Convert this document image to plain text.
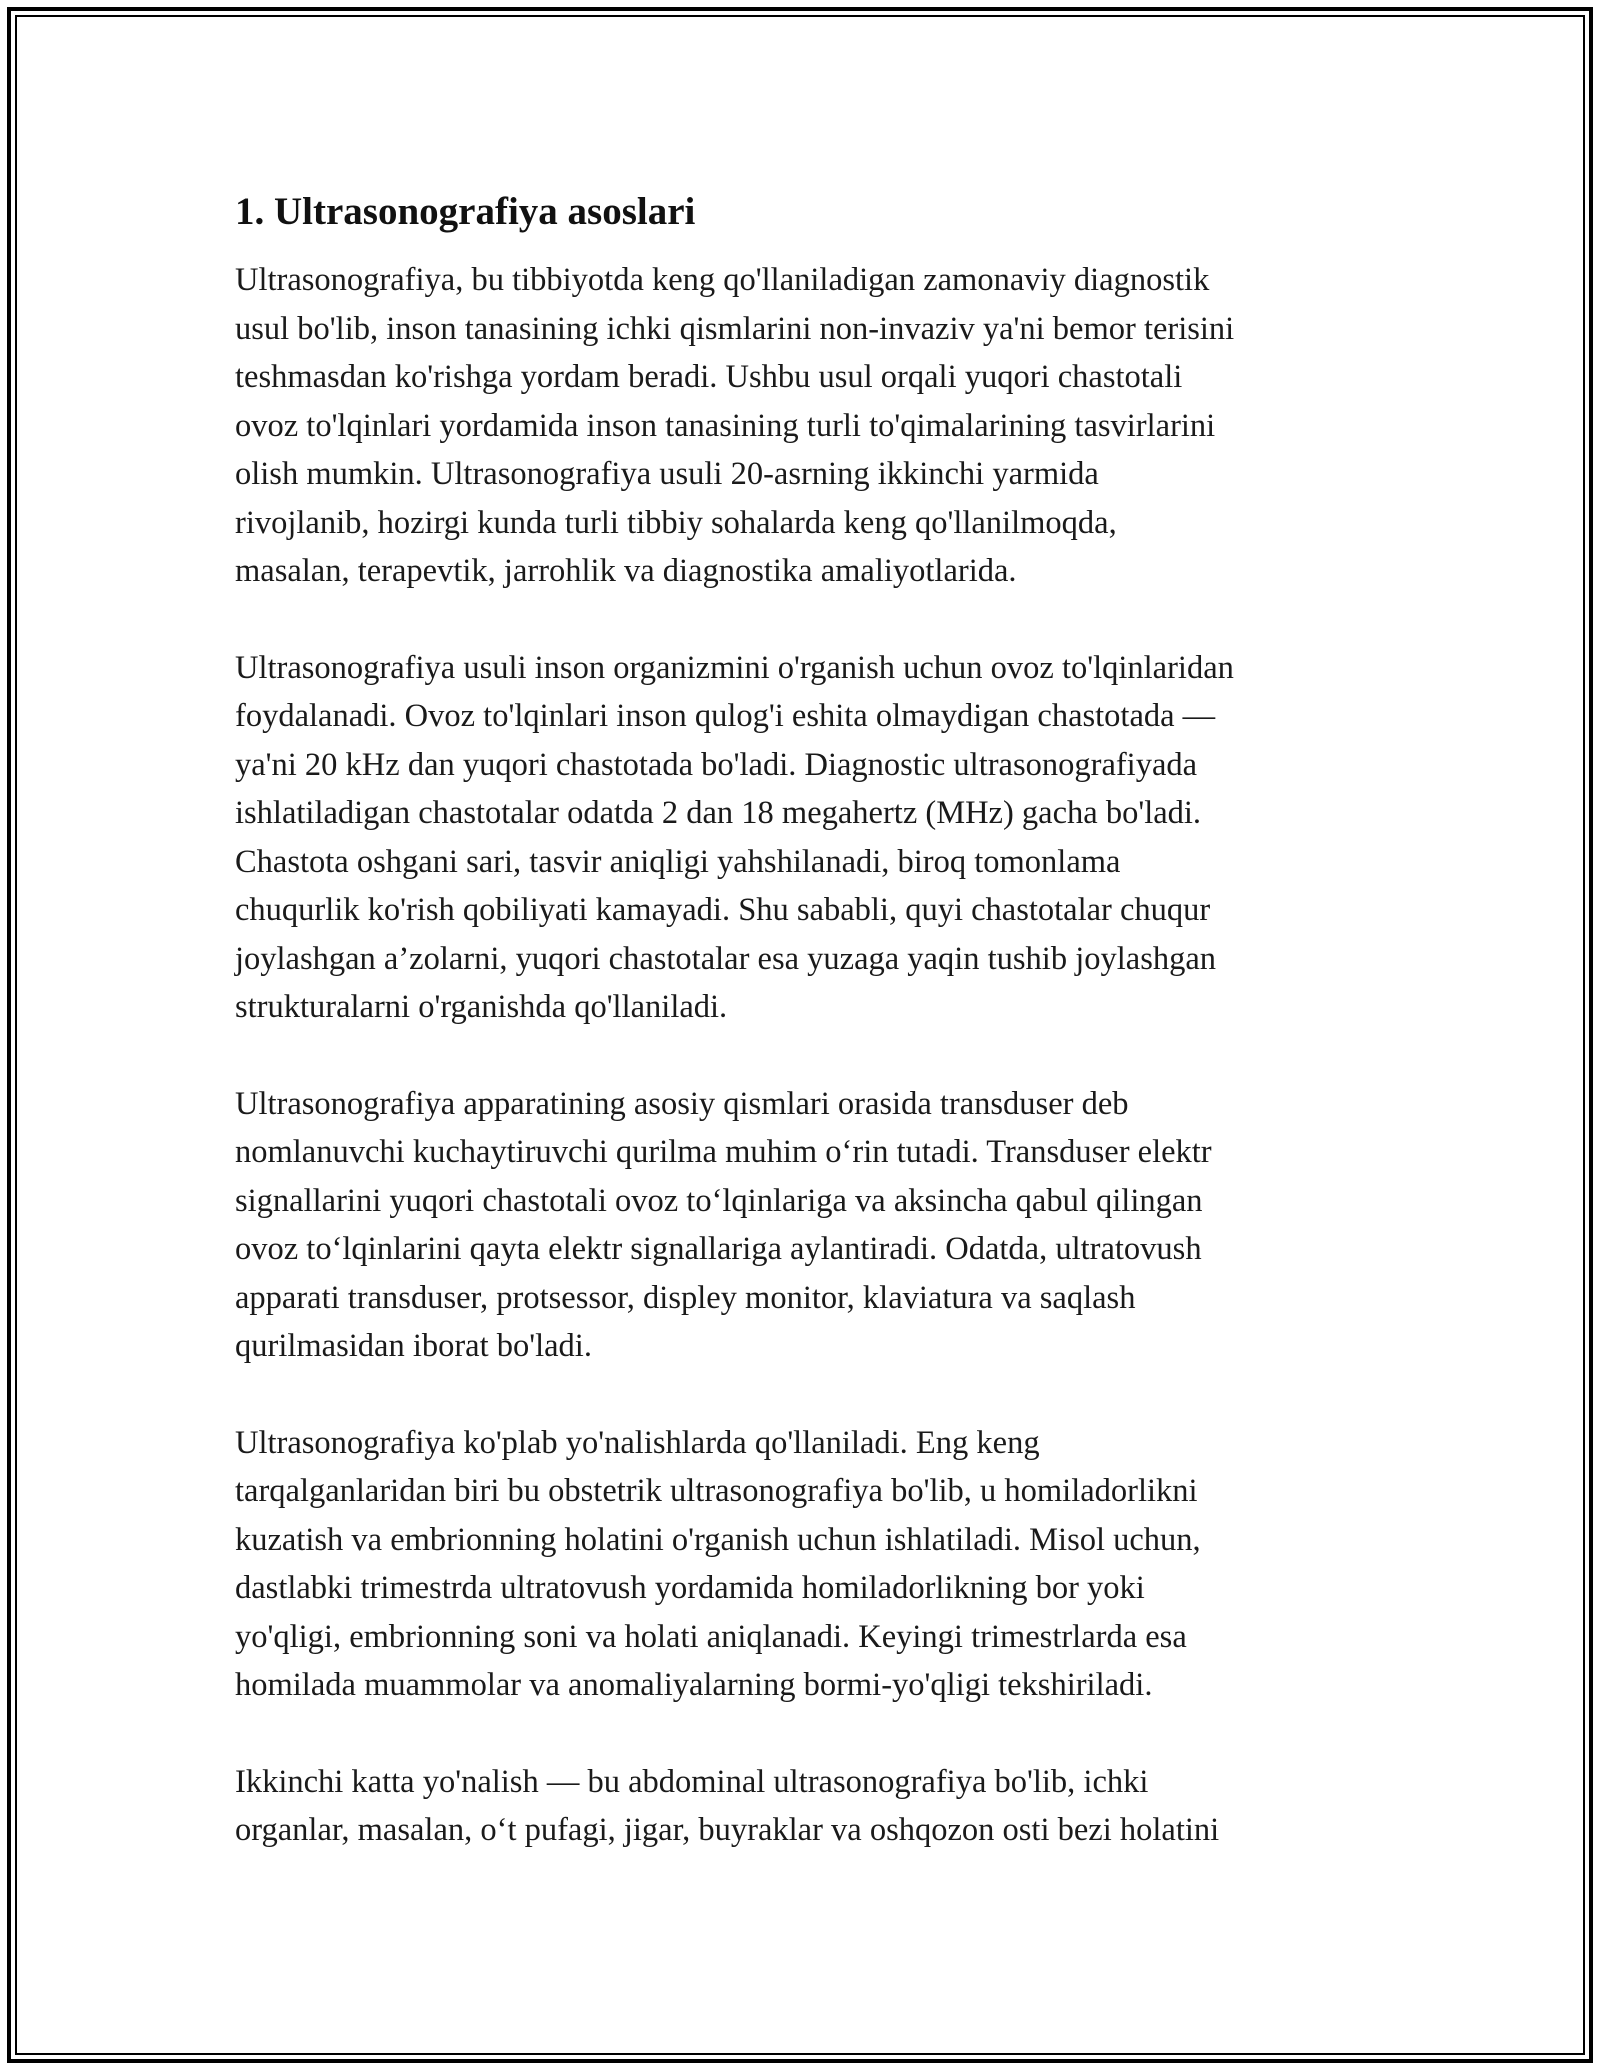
1. Ultrasonografiya asoslari

Ultrasonografiya, bu tibbiyotda keng qo'llaniladigan zamonaviy diagnostik
usul bo'lib, inson tanasining ichki qismlarini non-invaziv ya'ni bemor terisini
teshmasdan ko'rishga yordam beradi. Ushbu usul orqali yuqori chastotali
ovoz to'lqinlari yordamida inson tanasining turli to'qimalarining tasvirlarini
olish mumkin. Ultrasonografiya usuli 20-asrning ikkinchi yarmida
rivojlanib, hozirgi kunda turli tibbiy sohalarda keng qo'llanilmoqda,
masalan, terapevtik, jarrohlik va diagnostika amaliyotlarida.

Ultrasonografiya usuli inson organizmini o'rganish uchun ovoz to'lqinlaridan
foydalanadi. Ovoz to'lqinlari inson qulog'i eshita olmaydigan chastotada —
ya'ni 20 kHz dan yuqori chastotada bo'ladi. Diagnostic ultrasonografiyada
ishlatiladigan chastotalar odatda 2 dan 18 megahertz (MHz) gacha bo'ladi.
Chastota oshgani sari, tasvir aniqligi yahshilanadi, biroq tomonlama
chuqurlik ko'rish qobiliyati kamayadi. Shu sababli, quyi chastotalar chuqur
joylashgan a’zolarni, yuqori chastotalar esa yuzaga yaqin tushib joylashgan
strukturalarni o'rganishda qo'llaniladi.

Ultrasonografiya apparatining asosiy qismlari orasida transduser deb
nomlanuvchi kuchaytiruvchi qurilma muhim o‘rin tutadi. Transduser elektr
signallarini yuqori chastotali ovoz to‘lqinlariga va aksincha qabul qilingan
ovoz to‘lqinlarini qayta elektr signallariga aylantiradi. Odatda, ultratovush
apparati transduser, protsessor, displey monitor, klaviatura va saqlash
qurilmasidan iborat bo'ladi.

Ultrasonografiya ko'plab yo'nalishlarda qo'llaniladi. Eng keng
tarqalganlaridan biri bu obstetrik ultrasonografiya bo'lib, u homiladorlikni
kuzatish va embrionning holatini o'rganish uchun ishlatiladi. Misol uchun,
dastlabki trimestrda ultratovush yordamida homiladorlikning bor yoki
yo'qligi, embrionning soni va holati aniqlanadi. Keyingi trimestrlarda esa
homilada muammolar va anomaliyalarning bormi-yo'qligi tekshiriladi.

Ikkinchi katta yo'nalish — bu abdominal ultrasonografiya bo'lib, ichki
organlar, masalan, o‘t pufagi, jigar, buyraklar va oshqozon osti bezi holatini
